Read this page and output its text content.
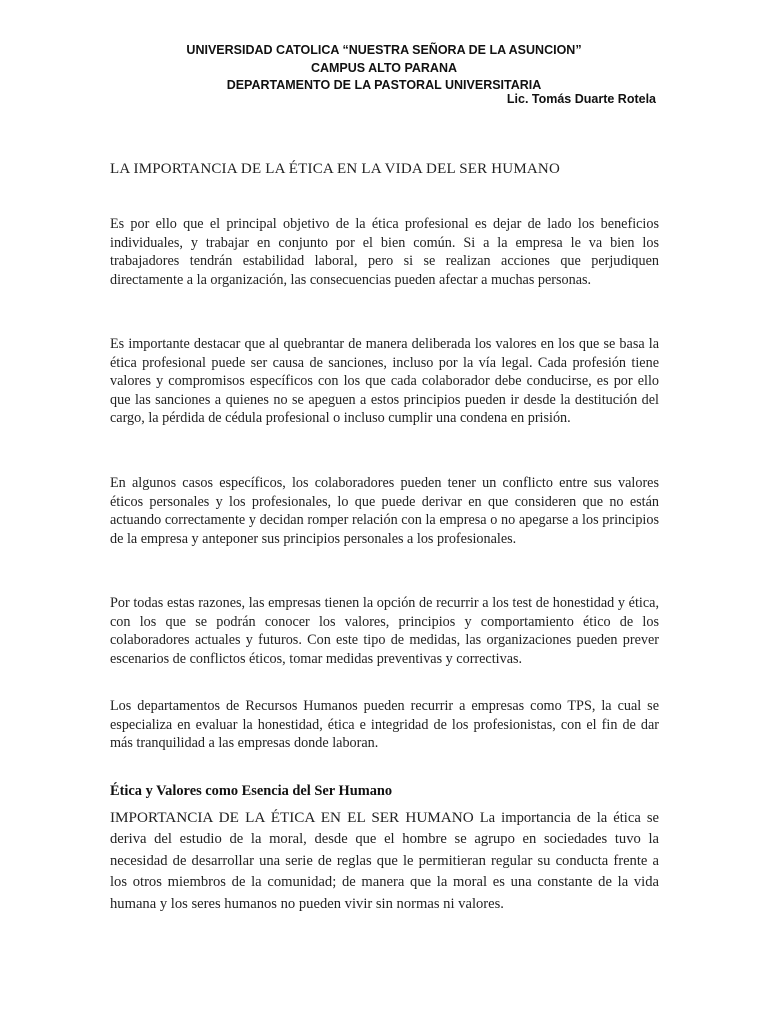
UNIVERSIDAD CATOLICA “NUESTRA SEÑORA DE LA ASUNCION”
CAMPUS ALTO PARANA
DEPARTAMENTO DE LA PASTORAL UNIVERSITARIA
Lic. Tomás Duarte Rotela
LA IMPORTANCIA DE LA ÉTICA EN LA VIDA DEL SER HUMANO

Es por ello que el principal objetivo de la ética profesional es dejar de lado los beneficios individuales, y trabajar en conjunto por el bien común. Si a la empresa le va bien los trabajadores tendrán estabilidad laboral, pero si se realizan acciones que perjudiquen directamente a la organización, las consecuencias pueden afectar a muchas personas.

Es importante destacar que al quebrantar de manera deliberada los valores en los que se basa la ética profesional puede ser causa de sanciones, incluso por la vía legal. Cada profesión tiene valores y compromisos específicos con los que cada colaborador debe conducirse, es por ello que las sanciones a quienes no se apeguen a estos principios pueden ir desde la destitución del cargo, la pérdida de cédula profesional o incluso cumplir una condena en prisión.

En algunos casos específicos, los colaboradores pueden tener un conflicto entre sus valores éticos personales y los profesionales, lo que puede derivar en que consideren que no están actuando correctamente y decidan romper relación con la empresa o no apegarse a los principios de la empresa y anteponer sus principios personales a los profesionales.

Por todas estas razones, las empresas tienen la opción de recurrir a los test de honestidad y ética, con los que se podrán conocer los valores, principios y comportamiento ético de los colaboradores actuales y futuros. Con este tipo de medidas, las organizaciones pueden prever escenarios de conflictos éticos, tomar medidas preventivas y correctivas.

Los departamentos de Recursos Humanos pueden recurrir a empresas como TPS, la cual se especializa en evaluar la honestidad, ética e integridad de los profesionistas, con el fin de dar más tranquilidad a las empresas donde laboran.

Ética y Valores como Esencia del Ser Humano

IMPORTANCIA DE LA ÉTICA EN EL SER HUMANO La importancia de la ética se deriva del estudio de la moral, desde que el hombre se agrupo en sociedades tuvo la necesidad de desarrollar una serie de reglas que le permitieran regular su conducta frente a los otros miembros de la comunidad; de manera que la moral es una constante de la vida humana y los seres humanos no pueden vivir sin normas ni valores.
